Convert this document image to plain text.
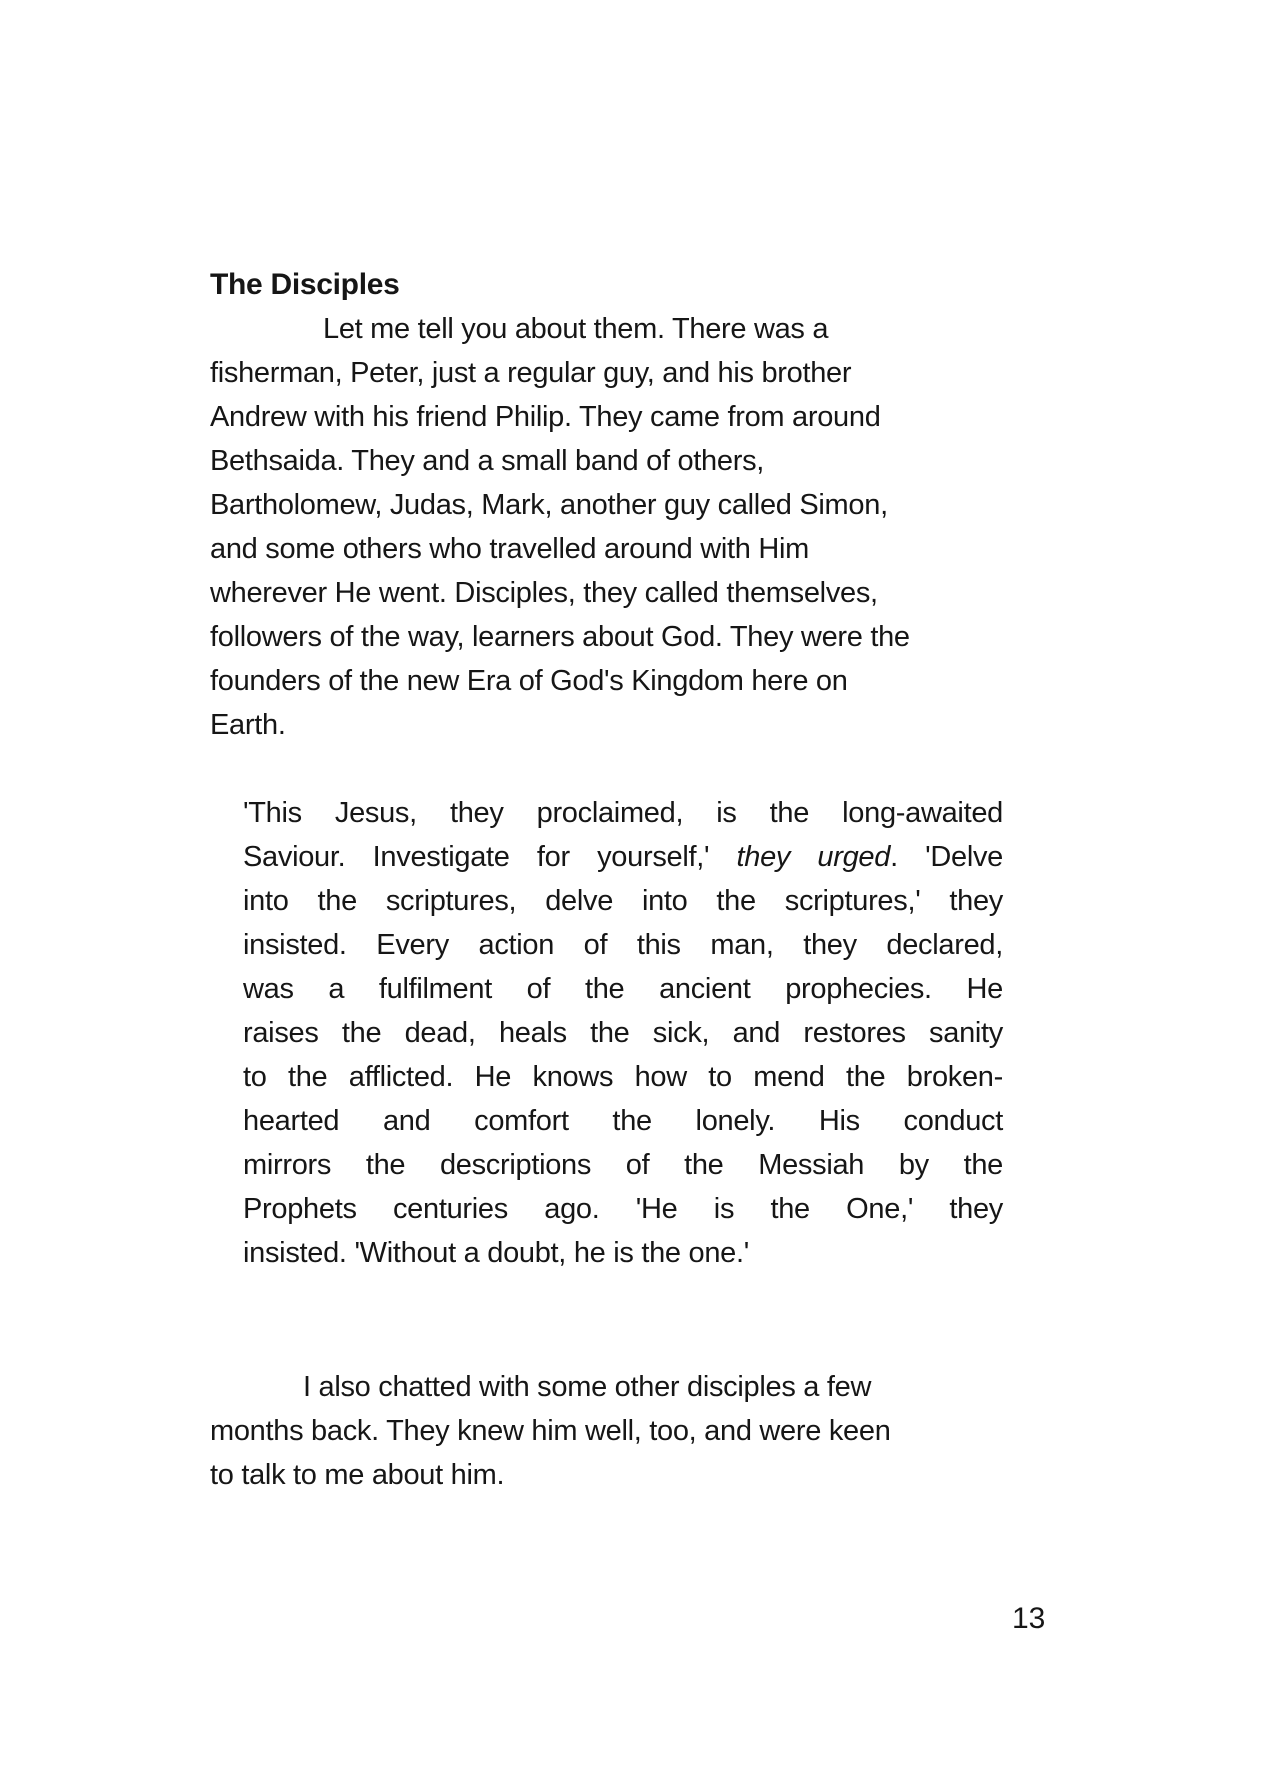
The Disciples
Let me tell you about them. There was a
fisherman, Peter, just a regular guy, and his brother
Andrew with his friend Philip. They came from around
Bethsaida. They and a small band of others,
Bartholomew, Judas, Mark, another guy called Simon,
and some others who travelled around with Him
wherever He went. Disciples, they called themselves,
followers of the way, learners about God. They were the
founders of the new Era of God's Kingdom here on
Earth.
'This Jesus, they proclaimed, is the long-awaited
Saviour. Investigate for yourself,' they urged. 'Delve
into the scriptures, delve into the scriptures,' they
insisted. Every action of this man, they declared,
was a fulfilment of the ancient prophecies. He
raises the dead, heals the sick, and restores sanity
to the afflicted. He knows how to mend the broken-
hearted and comfort the lonely. His conduct
mirrors the descriptions of the Messiah by the
Prophets centuries ago. 'He is the One,' they
insisted. 'Without a doubt, he is the one.'
I also chatted with some other disciples a few
months back. They knew him well, too, and were keen
to talk to me about him.
13
